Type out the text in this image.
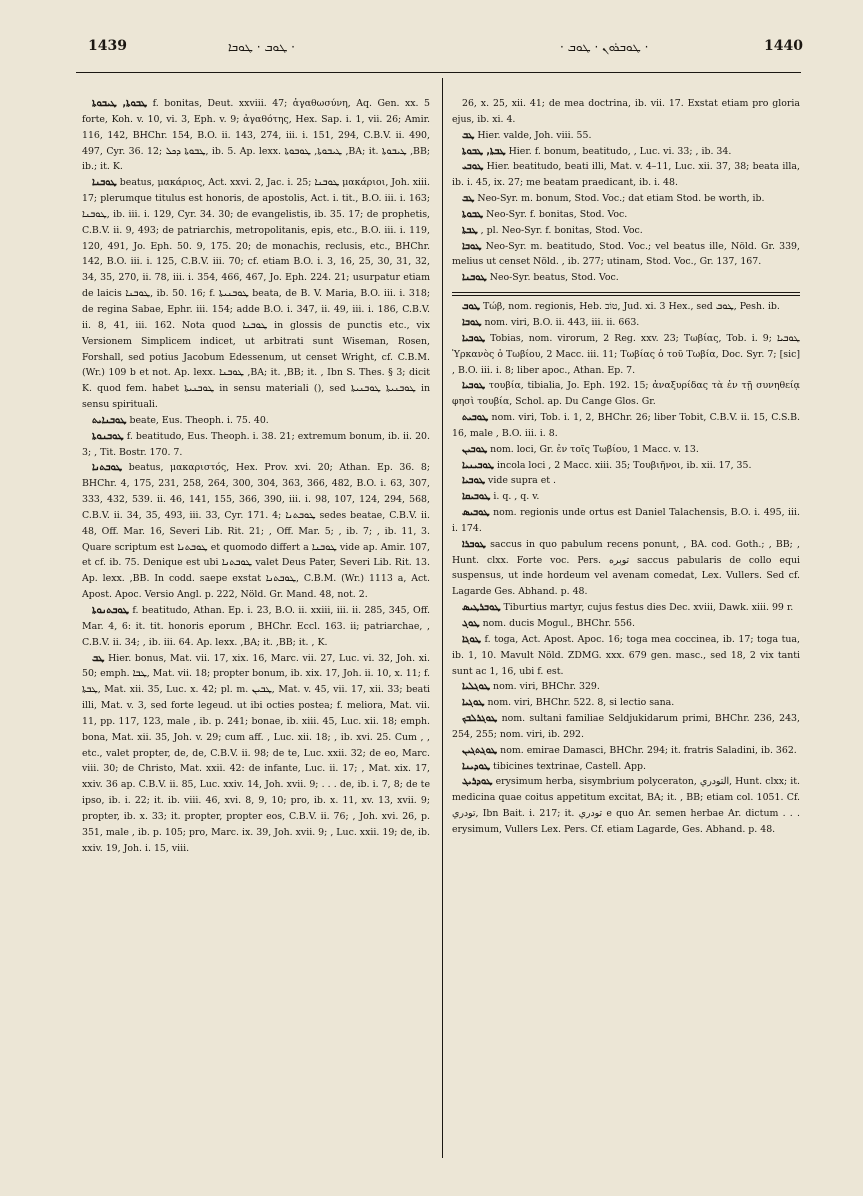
1439	ܛܘܒ · ܛܘܒܐ ·	· ܛܘܒܪܘܢ · ܛܘܒ ·	1440

ܛܒܘܬܐ, ܛܝܒܘܬܐ f. bonitas, Deut. xxviii. 47; ἀγαθωσύνη, Aq. Gen. xx. 5 forte, Koh. v. 10, vi. 3, Eph. v. 9; ἀγαθότης, Hex. Sap. i. 1, vii. 26; Amir. 116, 142, BHChr. 154, B.O. ii. 143, 274, iii. i. 151, 294, C.B.V. ii. 490, 497, Cyr. 36. 12; ܛܒܘܬܐ ܕܟܠ, ib. 5. Ap. lexx. ܛܝܒܘܬܐ, ܛܘܒܘܬܐ ,BA; it. ܛܝܒܘܬܐ ,BB; ib.; it. K.

ܛܘܒܢܐ beatus, μακάριος, Act. xxvi. 2, Jac. i. 25; ܛܘܒܢܐ μακάριοι, Joh. xiii. 17; plerumque titulus est honoris, de apostolis, Act. i. tit., B.O. iii. i. 163; ܛܘܒܢܐ, ib. iii. i. 129, Cyr. 34. 30; de evangelistis, ib. 35. 17; de prophetis, C.B.V. ii. 9, 493; de patriarchis, metropolitanis, epis, etc., B.O. iii. i. 119, 120, 491, Jo. Eph. 50. 9, 175. 20; de monachis, reclusis, etc., BHChr. 142, B.O. iii. i. 125, C.B.V. iii. 70; cf. etiam B.O. i. 3, 16, 25, 30, 31, 32, 34, 35, 270, ii. 78, iii. i. 354, 466, 467, Jo. Eph. 224. 21; usurpatur etiam de laicis ܛܘܒܢܐ, ib. 50. 16; f. ܛܘܒܢܝܬܐ beata, de B. V. Maria, B.O. iii. i. 318; de regina Sabae, Ephr. iii. 154; adde B.O. i. 347, ii. 49, iii. i. 186, C.B.V. ii. 8, 41, iii. 162. Nota quod ܛܘܒܢܐ in glossis de punctis etc., vix Versionem Simplicem indicet, ut arbitrati sunt Wiseman, Rosen, Forshall, sed potius Jacobum Edessenum, ut censet Wright, cf. C.B.M. (Wr.) 109 b et not. Ap. lexx. ܛܘܒܢܐ ,BA; it. ,BB; it. , Ibn S. Thes. § 3; dicit K. quod fem. habet ܛܘܒܢܝܬܐ in sensu materiali (), sed ܛܘܒܢܝܬܐ ܛܘܒܢܝܬܐ in sensu spirituali.

ܛܘܒܢܐܝܬ beate, Eus. Theoph. i. 75. 40.

ܛܘܒܢܘܬܐ f. beatitudo, Eus. Theoph. i. 38. 21; extremum bonum, ib. ii. 20. 3; , Tit. Bostr. 170. 7.

ܛܘܒܬܢܐ beatus, μακαριστός, Hex. Prov. xvi. 20; Athan. Ep. 36. 8; BHChr. 4, 175, 231, 258, 264, 300, 304, 363, 366, 482, B.O. i. 63, 307, 333, 432, 539. ii. 46, 141, 155, 366, 390, iii. i. 98, 107, 124, 294, 568, C.B.V. ii. 34, 35, 493, iii. 33, Cyr. 171. 4; ܛܘܒܬܢܐ sedes beatae, C.B.V. ii. 48, Off. Mar. 16, Severi Lib. Rit. 21; , Off. Mar. 5; , ib. 7; , ib. 11, 3. Quare scriptum est ܛܘܒܬܢܐ et quomodo differt a ܛܘܒܢܐ vide ap. Amir. 107, et cf. ib. 75. Denique est ubi ܛܘܒܬܢܐ valet Deus Pater, Severi Lib. Rit. 13. Ap. lexx. ,BB. In codd. saepe exstat ܛܘܒܬܢܐ, C.B.M. (Wr.) 1113 a, Act. Apost. Apoc. Versio Angl. p. 222, Nöld. Gr. Mand. 48, not. 2.

ܛܘܒܬܢܘܬܐ f. beatitudo, Athan. Ep. i. 23, B.O. ii. xxiii, iii. ii. 285, 345, Off. Mar. 4, 6: it. tit. honoris eporum , BHChr. Eccl. 163. ii; patriarchae, , C.B.V. ii. 34; , ib. iii. 64. Ap. lexx. ,BA; it. ,BB; it. , K.

ܛܒ Hier. bonus, Mat. vii. 17, xix. 16, Marc. vii. 27, Luc. vi. 32, Joh. xi. 50; emph. ܛܒܐ, Mat. vii. 18; propter bonum, ib. xix. 17, Joh. ii. 10, x. 11; f. ܛܒܬܐ, Mat. xii. 35, Luc. x. 42; pl. m. ܛܒܝܢ, Mat. v. 45, vii. 17, xii. 33; beati illi, Mat. v. 3, sed forte legeud. ut ibi octies postea; f. meliora, Mat. vii. 11, pp. 117, 123, male , ib. p. 241; bonae, ib. xiii. 45, Luc. xii. 18; emph. bona, Mat. xii. 35, Joh. v. 29; cum aff. , Luc. xii. 18; , ib. xvi. 25. Cum , , etc., valet propter, de, de, C.B.V. ii. 98; de te, Luc. xxii. 32; de eo, Marc. viii. 30; de Christo, Mat. xxii. 42: de infante, Luc. ii. 17; , Mat. xix. 17, xxiv. 36 ap. C.B.V. ii. 85, Luc. xxiv. 14, Joh. xvii. 9; . . . de, ib. i. 7, 8; de te ipso, ib. i. 22; it. ib. viii. 46, xvi. 8, 9, 10; pro, ib. x. 11, xv. 13, xvii. 9; propter, ib. x. 33; it. propter, propter eos, C.B.V. ii. 76; , Joh. xvi. 26, p. 351, male , ib. p. 105; pro, Marc. ix. 39, Joh. xvii. 9; , Luc. xxii. 19; de, ib. xxiv. 19, Joh. i. 15, viii.

26, x. 25, xii. 41; de mea doctrina, ib. vii. 17. Exstat etiam pro gloria ejus, ib. xi. 4.

ܛܒ Hier. valde, Joh. viii. 55.

ܛܒܬܐ, ܛܒܘܬܐ Hier. f. bonum, beatitudo, , Luc. vi. 33; , ib. 34.

ܛܘܒܝ Hier. beatitudo, beati illi, Mat. v. 4–11, Luc. xii. 37, 38; beata illa, ib. i. 45, ix. 27; me beatam praedicant, ib. i. 48.

ܛܒ Neo-Syr. m. bonum, Stod. Voc.; dat etiam Stod. be worth, ib.

ܛܒܘܬܐ Neo-Syr. f. bonitas, Stod. Voc.

ܛܒܬܐ , pl. Neo-Syr. f. bonitas, Stod. Voc.

ܛܘܒܐ Neo-Syr. m. beatitudo, Stod. Voc.; vel beatus ille, Nöld. Gr. 339, melius ut censet Nöld. , ib. 277; utinam, Stod. Voc., Gr. 137, 167.

ܛܘܒܢܐ Neo-Syr. beatus, Stod. Voc.

ܛܘܒ Τώβ, nom. regionis, Heb. טוֹב, Jud. xi. 3 Hex., sed ܛܘܒ, Pesh. ib.

ܛܘܒܐ nom. viri, B.O. ii. 443, iii. ii. 663.

ܛܘܒܝܐ Tobias, nom. virorum, 2 Reg. xxv. 23; Τωβίας, Tob. i. 9; ܛܘܒܝܐ Ὑρκανὸς ὁ Τωβίου, 2 Macc. iii. 11; Τωβίας ὁ τοῦ Τωβία, Doc. Syr. 7; [sic] , B.O. iii. i. 8; liber apoc., Athan. Ep. 7.

ܛܘܒܝܐ τουβία, tibialia, Jo. Eph. 192. 15; ἀναξυρίδας τὰ ἐν τῇ συνηθείᾳ φησὶ τουβία, Schol. ap. Du Cange Glos. Gr.

ܛܘܒܝܬ nom. viri, Tob. i. 1, 2, BHChr. 26; liber Tobit, C.B.V. ii. 15, C.S.B. 16, male , B.O. iii. i. 8.

ܛܘܒܝܢ nom. loci, Gr. ἐν τοῖς Τωβίου, 1 Macc. v. 13.

ܛܘܒܝܢܝܐ incola loci , 2 Macc. xiii. 35; Τουβιῆνοι, ib. xii. 17, 35.

ܛܘܒܝܐ vide supra et .

ܛܘܒܝܩܐ i. q. , q. v.

ܛܘܒܝܣ nom. regionis unde ortus est Daniel Talachensis, B.O. i. 495, iii. i. 174.

ܛܘܒܪܐ saccus in quo pabulum recens ponunt, , BA. cod. Goth.; , BB; , Hunt. clxx. Forte voc. Pers. توبره saccus pabularis de collo equi suspensus, ut inde hordeum vel avenam comedat, Lex. Vullers. Sed cf. Lagarde Ges. Abhand. p. 48.

ܛܘܒܪܛܝܣ Tiburtius martyr, cujus festus dies Dec. xviii, Dawk. xiii. 99 r.

ܛܘܓ nom. ducis Mogul., BHChr. 556.

ܛܘܓܐ f. toga, Act. Apost. Apoc. 16; toga mea coccinea, ib. 17; toga tua, ib. 1, 10. Mavult Nöld. ZDMG. xxx. 679 gen. masc., sed 18, 2 vix tanti sunt ac 1, 16, ubi f. est.

ܛܘܓܠܝܐ nom. viri, BHChr. 329.

ܛܘܓܝܐ nom. viri, BHChr. 522. 8, si lectio sana.

ܛܘܓܪܠܒܟ nom. sultani familiae Seldjukidarum primi, BHChr. 236, 243, 254, 255; nom. viri, ib. 292.

ܛܘܓܬܓܝܢ nom. emirae Damasci, BHChr. 294; it. fratris Saladini, ib. 362.

ܛܘܕܝܢܐ tibicines textrinae, Castell. App.

ܛܘܕܪܝܓ erysimum herba, sisymbrium polyceraton, التودري, Hunt. clxx; it. medicina quae coitus appetitum excitat, BA; it. , BB; etiam col. 1051. Cf. تودري, Ibn Bait. i. 217; it. تودري e quo Ar. semen herbae Ar. dictum . . . erysimum, Vullers Lex. Pers. Cf. etiam Lagarde, Ges. Abhand. p. 48.
